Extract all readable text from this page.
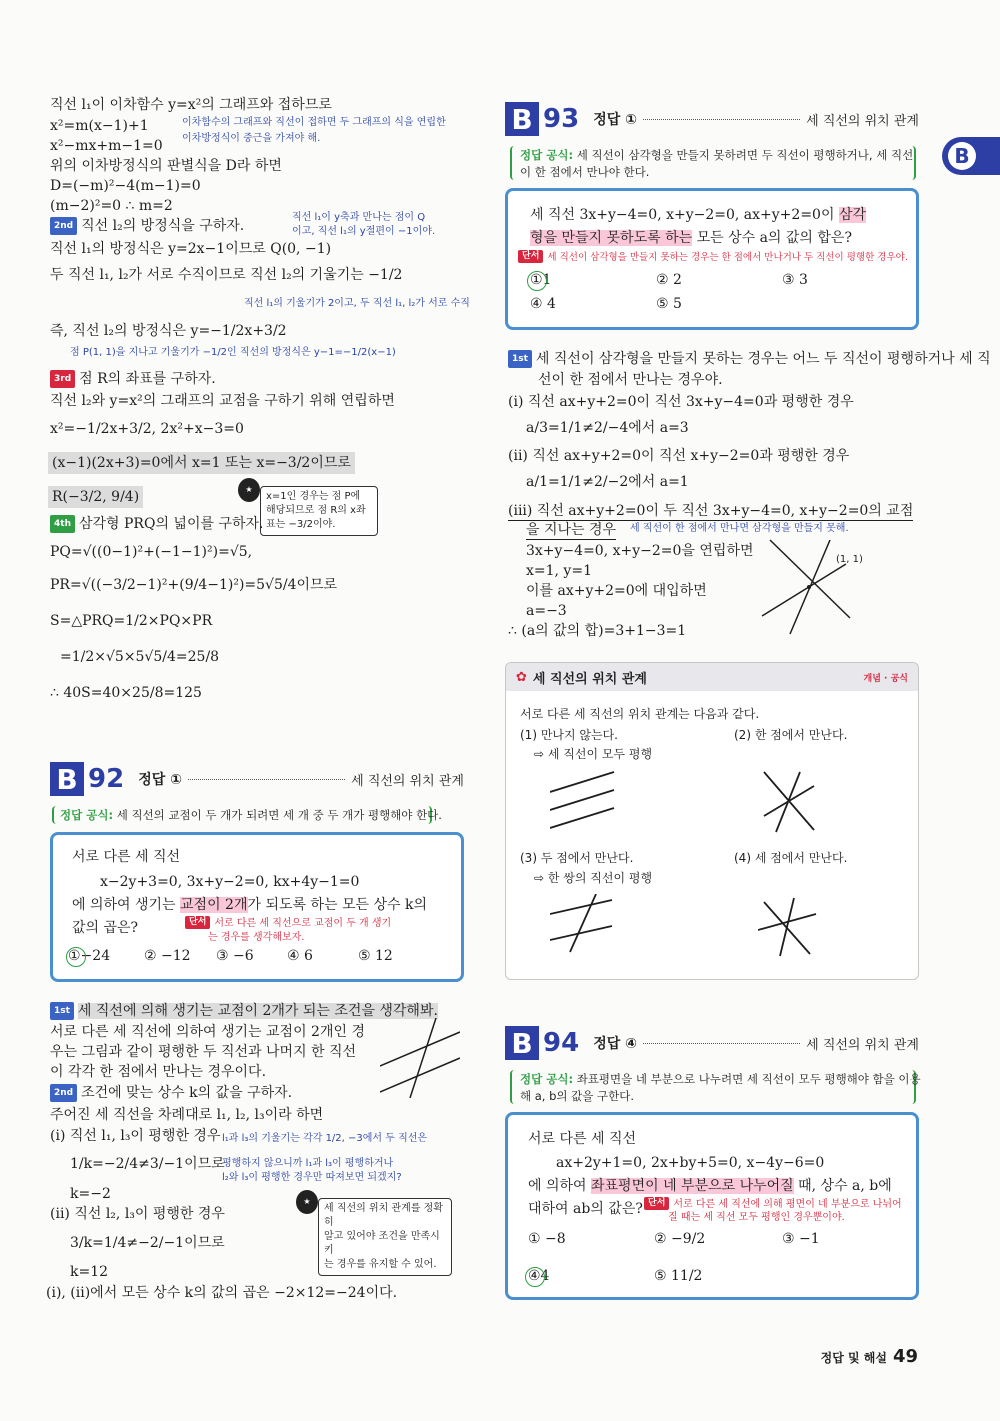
B
직선 l₁이 이차함수 y=x²의 그래프와 접하므로
x²=m(x−1)+1	이차함수의 그래프와 직선이 접하면 두 그래프의 식을 연립한
이차방정식이 중근을 가져야 해.
x²−mx+m−1=0
위의 이차방정식의 판별식을 D라 하면
D=(−m)²−4(m−1)=0
(m−2)²=0 ∴ m=2
2nd 직선 l₂의 방정식을 구하자.
직선 l₁이 y축과 만나는 점이 Q
이고, 직선 l₁의 y절편이 −1이야.
직선 l₁의 방정식은 y=2x−1이므로 Q(0, −1)
두 직선 l₁, l₂가 서로 수직이므로 직선 l₂의 기울기는 −1/2
직선 l₁의 기울기가 2이고, 두 직선 l₁, l₂가 서로 수직
즉, 직선 l₂의 방정식은 y=−1/2x+3/2
점 P(1, 1)을 지나고 기울기가 −1/2인 직선의 방정식은 y−1=−1/2(x−1)
3rd 점 R의 좌표를 구하자.
직선 l₂와 y=x²의 그래프의 교점을 구하기 위해 연립하면
x²=−1/2x+3/2, 2x²+x−3=0
(x−1)(2x+3)=0에서 x=1 또는 x=−3/2이므로
R(−3/2, 9/4)	★
x=1인 경우는 점 P에
해당되므로 점 R의 x좌
표는 −3/2이야.
4th 삼각형 PRQ의 넓이를 구하자.
PQ=√((0−1)²+(−1−1)²)=√5,
PR=√((−3/2−1)²+(9/4−1)²)=5√5/4이므로
S=△PRQ=1/2×PQ×PR
=1/2×√5×5√5/4=25/8
∴ 40S=40×25/8=125
B 92 정답 ①	세 직선의 위치 관계
정답 공식: 세 직선의 교점이 두 개가 되려면 세 개 중 두 개가 평행해야 한다.
서로 다른 세 직선
x−2y+3=0, 3x+y−2=0, kx+4y−1=0
에 의하여 생기는 교점이 2개가 되도록 하는 모든 상수 k의
값의 곱은?	단서 서로 다른 세 직선으로 교점이 두 개 생기
는 경우를 생각해보자.
①−24 ② −12 ③ −6 ④ 6	⑤ 12
1st 세 직선에 의해 생기는 교점이 2개가 되는 조건을 생각해봐.
서로 다른 세 직선에 의하여 생기는 교점이 2개인 경
우는 그림과 같이 평행한 두 직선과 나머지 한 직선
이 각각 한 점에서 만나는 경우이다.
2nd 조건에 맞는 상수 k의 값을 구하자.
주어진 세 직선을 차례대로 l₁, l₂, l₃이라 하면
(i) 직선 l₁, l₃이 평행한 경우 l₁과 l₃의 기울기는 각각 1/2, −3에서 두 직선은
1/k=−2/4≠3/−1이므로
평행하지 않으니까 l₁과 l₃이 평행하거나
l₂와 l₃이 평행한 경우만 따져보면 되겠지?
k=−2
(ii) 직선 l₂, l₃이 평행한 경우
★
세 직선의 위치 관계를 정확히
알고 있어야 조건을 만족시키
는 경우를 유지할 수 있어.
3/k=1/4≠−2/−1이므로
k=12
(i), (ii)에서 모든 상수 k의 값의 곱은 −2×12=−24이다.
B 93 정답 ①	세 직선의 위치 관계
정답 공식: 세 직선이 삼각형을 만들지 못하려면 두 직선이 평행하거나, 세 직선
이 한 점에서 만나야 한다.
세 직선 3x+y−4=0, x+y−2=0, ax+y+2=0이 삼각
형을 만들지 못하도록 하는 모든 상수 a의 값의 합은?
단서 세 직선이 삼각형을 만들지 못하는 경우는 한 점에서 만나거나 두 직선이 평행한 경우야.
①1	② 2	③ 3
④ 4	⑤ 5
1st 세 직선이 삼각형을 만들지 못하는 경우는 어느 두 직선이 평행하거나 세 직
선이 한 점에서 만나는 경우야.
(i) 직선 ax+y+2=0이 직선 3x+y−4=0과 평행한 경우
a/3=1/1≠2/−4에서 a=3
(ii) 직선 ax+y+2=0이 직선 x+y−2=0과 평행한 경우
a/1=1/1≠2/−2에서 a=1
(iii) 직선 ax+y+2=0이 두 직선 3x+y−4=0, x+y−2=0의 교점
을 지나는 경우 세 직선이 한 점에서 만나면 삼각형을 만들지 못해.
3x+y−4=0, x+y−2=0을 연립하면
x=1, y=1
이를 ax+y+2=0에 대입하면
a=−3
∴ (a의 값의 합)=3+1−3=1
(1, 1)
✿ 세 직선의 위치 관계	개념 · 공식
서로 다른 세 직선의 위치 관계는 다음과 같다.
(1) 만나지 않는다.	(2) 한 점에서 만난다.
⇨ 세 직선이 모두 평행
(3) 두 점에서 만난다.	(4) 세 점에서 만난다.
⇨ 한 쌍의 직선이 평행
B 94 정답 ④	세 직선의 위치 관계
정답 공식: 좌표평면을 네 부분으로 나누려면 세 직선이 모두 평행해야 함을 이용
해 a, b의 값을 구한다.
서로 다른 세 직선
ax+2y+1=0, 2x+by+5=0, x−4y−6=0
에 의하여 좌표평면이 네 부분으로 나누어질 때, 상수 a, b에
대하여 ab의 값은? 단서 서로 다른 세 직선에 의해 평면이 네 부분으로 나뉘어
질 때는 세 직선 모두 평행인 경우뿐이야.
① −8	② −9/2	③ −1
④4	⑤ 11/2
정답 및 해설 49
